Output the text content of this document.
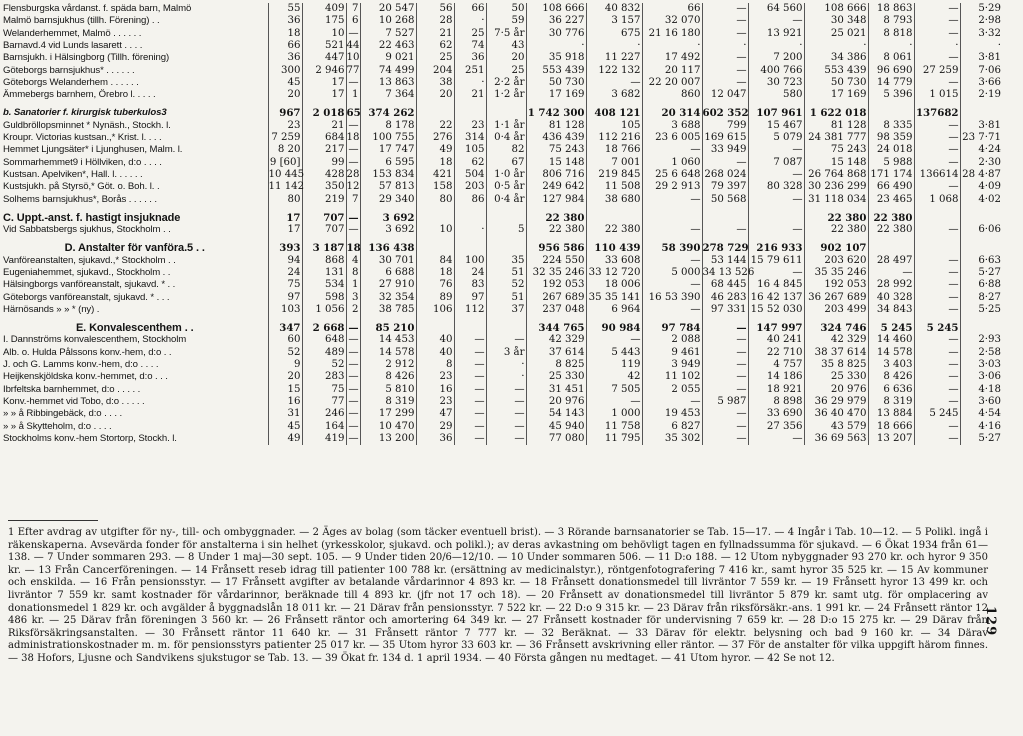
Flensburgska vårdanst. f. späda barn, Malmö	55	409	7	20 547	56	66	50	108 666	40 832	66	—	64 560	108 666	18 863	—	5·29
Malmö barnsjukhus (tillh. Förening) . .	36	175	6	10 268	28	·	59	36 227	3 157	32 070	—	—	30 348	8 793	—	2·98
Welanderhemmet, Malmö . . . . . .	18	10	—	7 527	21	25	7·5 år	30 776	675	21 16 180	—	13 921	25 021	8 818	—	3·32
Barnavd.4 vid Lunds lasarett . . . .	66	521	44	22 463	62	74	43	·	·	·	·	·	·	·	·	·
Barnsjukh. i Hälsingborg (Tillh. förening)	36	447	10	9 021	25	36	20	35 918	11 227	17 492	—	7 200	34 386	8 061	—	3·81
Göteborgs barnsjukhus* . . . . . .	300	2 946	77	74 499	204	251	25	553 439	122 132	20 117	—	400 766	553 439	96 690	27 259	7·06
Göteborgs Welanderhem . . . . . .	45	17	—	13 863	38	·	2·2 år	50 730	—	22 20 007	—	30 723	50 730	14 779	—	3·66
Ämmebergs barnhem, Örebro l. . . . .	20	17	1	7 364	20	21	1·2 år	17 169	3 682	860	12 047	580	17 169	5 396	1 015	2·19

b. Sanatorier f. kirurgisk tuberkulos3	967	2 018	65	374 262				1 742 300	408 121	20 314	602 352	107 961	1 622 018		137682	
Guldbröllopsminnet * Nynäsh., Stockh. l.	23	21	—	8 178	22	23	1·1 år	81 128	105	3 688	799	15 467	81 128	8 335	—	3·81
Kroupr. Victorias kustsan.,* Krist. l. . . .	7 259	684	18	100 755	276	314	0·4 år	436 439	112 216	23 6 005	169 615	5 079	24 381 777	98 359	—	23 7·71
Hemmet Ljungsäter* i Ljunghusen, Malm. l.	8 20	217	—	17 747	49	105	82	75 243	18 766	—	33 949	—	75 243	24 018	—	4·24
Sommarhemmet9 i Höllviken, d:o . . . .	9 [60]	99	—	6 595	18	62	67	15 148	7 001	1 060	—	7 087	15 148	5 988	—	2·30
Kustsan. Apelviken*, Hall. l. . . . . .	10 445	428	28	153 834	421	504	1·0 år	806 716	219 845	25 6 648	268 024	—	26 764 868	171 174	136614	28 4·87
Kustsjukh. på Styrsö,* Göt. o. Boh. l. .	11 142	350	12	57 813	158	203	0·5 år	249 642	11 508	29 2 913	79 397	80 328	30 236 299	66 490	—	4·09
Solhems barnsjukhus*, Borås . . . . . .	80	219	7	29 340	80	86	0·4 år	127 984	38 680	—	50 568	—	31 118 034	23 465	1 068	4·02

C. Uppt.-anst. f. hastigt insjuknade	17	707	—	3 692				22 380					22 380	22 380		
Vid Sabbatsbergs sjukhus, Stockholm . .	17	707	—	3 692	10	·	5	22 380	22 380	—	—	—	22 380	22 380	—	6·06

D. Anstalter för vanföra.5 . .	393	3 187	18	136 438				956 586	110 439	58 390	278 729	216 933	902 107			
Vanföreanstalten, sjukavd.,* Stockholm . .	94	868	4	30 701	84	100	35	224 550	33 608	—	53 144	15 79 611	203 620	28 497	—	6·63
Eugeniahemmet, sjukavd., Stockholm . .	24	131	8	6 688	18	24	51	32 35 246	33 12 720	5 000	34 13 526	—	35 35 246	—	—	5·27
Hälsingborgs vanföreanstalt, sjukavd. * . .	75	534	1	27 910	76	83	52	192 053	18 006	—	68 445	16 4 845	192 053	28 992	—	6·88
Göteborgs vanföreanstalt, sjukavd. * . . .	97	598	3	32 354	89	97	51	267 689	35 35 141	16 53 390	46 283	16 42 137	36 267 689	40 328	—	8·27
Härnösands » » * (ny) .	103	1 056	2	38 785	106	112	37	237 048	6 964	—	97 331	15 52 030	203 499	34 843	—	5·25

E. Konvalescenthem . .	347	2 668	—	85 210				344 765	90 984	97 784	—	147 997	324 746	5 245	5 245	
I. Dannströms konvalescenthem, Stockholm	60	648	—	14 453	40	—	—	42 329	—	2 088	—	40 241	42 329	14 460	—	2·93
Alb. o. Hulda Pålssons konv.-hem, d:o . .	52	489	—	14 578	40	—	3 år	37 614	5 443	9 461	—	22 710	38 37 614	14 578	—	2·58
J. och G. Lamms konv.-hem, d:o . . . .	9	52	—	2 912	8	—	·	8 825	119	3 949	—	4 757	35 8 825	3 403	—	3·03
Heijkenskjöldska konv.-hemmet, d:o . . .	20	283	—	8 426	23	—	·	25 330	42	11 102	—	14 186	25 330	8 426	—	3·06
Ibrfeltska barnhemmet, d:o . . . . .	15	75	—	5 810	16	—	—	31 451	7 505	2 055	—	18 921	20 976	6 636	—	4·18
Konv.-hemmet vid Tobo, d:o . . . . .	16	77	—	8 319	23	—	—	20 976	—	—	5 987	8 898	36 29 979	8 319	—	3·60
» » å Ribbingebäck, d:o . . . .	31	246	—	17 299	47	—	—	54 143	1 000	19 453	—	33 690	36 40 470	13 884	5 245	4·54
» » å Skytteholm, d:o . . . .	45	164	—	10 470	29	—	—	45 940	11 758	6 827	—	27 356	43 579	18 666	—	4·16
Stockholms konv.-hem Stortorp, Stockh. l.	49	419	—	13 200	36	—	—	77 080	11 795	35 302	—	—	36 69 563	13 207	—	5·27
1 Efter avdrag av utgifter för ny-, till- och ombyggnader. — 2 Äges av bolag (som täcker eventuell brist). — 3 Rörande barnsanatorier se Tab. 15—17. — 4 Ingår i Tab. 10—12. — 5 Polikl. ingå i räkenskaperna. Avsevärda fonder för anstalterna i sin helhet (yrkesskolor, sjukavd. och polikl.); av deras avkastning om behövligt tagen en fyllnadssumma för sjukavd. — 6 Ökat 1934 från 61—138. — 7 Under sommaren 293. — 8 Under 1 maj—30 sept. 105. — 9 Under tiden 20/6—12/10. — 10 Under sommaren 506. — 11 D:o 188. — 12 Utom nybyggnader 93 270 kr. och hyror 9 350 kr. — 13 Från Cancerföreningen. — 14 Frånsett reseb idrag till patienter 100 788 kr. (ersättning av medicinalstyr.), röntgenfotografering 7 416 kr., samt hyror 35 525 kr. — 15 Av kommuner och enskilda. — 16 Från pensionsstyr. — 17 Frånsett avgifter av betalande vårdarinnor 4 893 kr. — 18 Frånsett donationsmedel till livräntor 7 559 kr. — 19 Frånsett hyror 13 499 kr. och livräntor 7 559 kr. samt kostnader för vårdarinnor, beräknade till 4 893 kr. (jfr not 17 och 18). — 20 Frånsett av donationsmedel till livräntor 5 879 kr. samt utg. för omplacering av donationsmedel 1 829 kr. och avgälder å byggnadslån 18 011 kr. — 21 Därav från pensionsstyr. 7 522 kr. — 22 D:o 9 315 kr. — 23 Därav från riksförsäkr.-ans. 1 991 kr. — 24 Frånsett räntor 12 486 kr. — 25 Därav från föreningen 3 560 kr. — 26 Frånsett räntor och amortering 64 349 kr. — 27 Frånsett kostnader för undervisning 7 659 kr. — 28 D:o 15 275 kr. — 29 Därav från Riksförsäkringsanstalten. — 30 Frånsett räntor 11 640 kr. — 31 Frånsett räntor 7 777 kr. — 32 Beräknat. — 33 Därav för elektr. belysning och bad 9 160 kr. — 34 Därav administrationskostnader m. m. för pensionsstyrs patienter 25 017 kr. — 35 Utom hyror 33 603 kr. — 36 Frånsett avskrivning eller räntor. — 37 För de anstalter för vilka uppgift härom finnes. — 38 Hofors, Ljusne och Sandvikens sjukstugor se Tab. 13. — 39 Ökat fr. 134 d. 1 april 1934. — 40 Första gången nu medtaget. — 41 Utom hyror. — 42 Se not 12.
129
